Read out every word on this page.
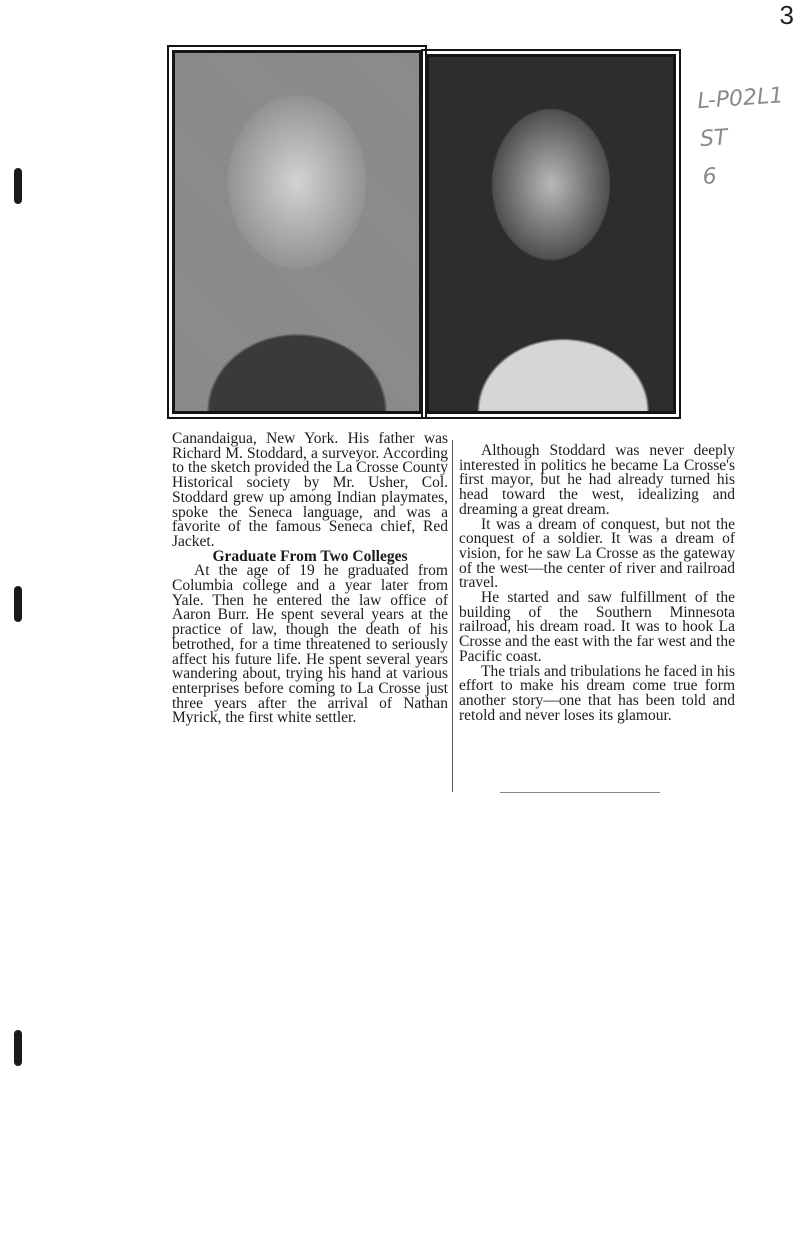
3
L-P02L1
ST
6

Canandaigua, New York. His father was Richard M. Stoddard, a surveyor. According to the sketch provided the La Crosse County Historical society by Mr. Usher, Col. Stoddard grew up among Indian playmates, spoke the Seneca language, and was a favorite of the famous Seneca chief, Red Jacket.

Graduate From Two Colleges

At the age of 19 he graduated from Columbia college and a year later from Yale. Then he entered the law office of Aaron Burr. He spent several years at the practice of law, though the death of his betrothed, for a time threatened to seriously affect his future life. He spent several years wandering about, trying his hand at various enterprises before coming to La Crosse just three years after the arrival of Nathan Myrick, the first white settler.

Although Stoddard was never deeply interested in politics he became La Crosse's first mayor, but he had already turned his head toward the west, idealizing and dreaming a great dream.

It was a dream of conquest, but not the conquest of a soldier. It was a dream of vision, for he saw La Crosse as the gateway of the west—the center of river and railroad travel.

He started and saw fulfillment of the building of the Southern Minnesota railroad, his dream road. It was to hook La Crosse and the east with the far west and the Pacific coast.

The trials and tribulations he faced in his effort to make his dream come true form another story—one that has been told and retold and never loses its glamour.
